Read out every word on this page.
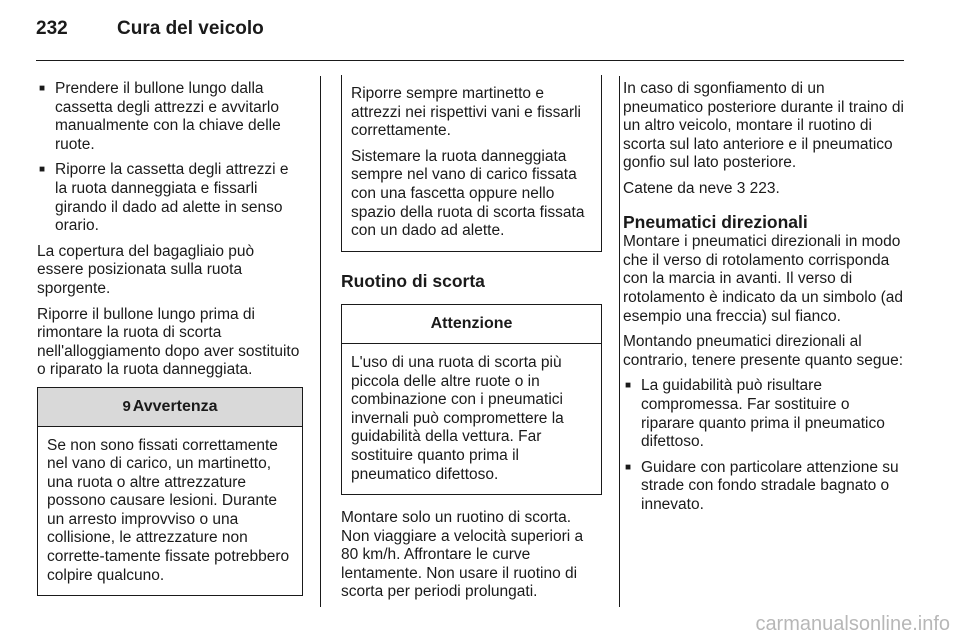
232	Cura del veicolo
■ Prendere il bullone lungo dalla cassetta degli attrezzi e avvitarlo manualmente con la chiave delle ruote.
■ Riporre la cassetta degli attrezzi e la ruota danneggiata e fissarli girando il dado ad alette in senso orario.

La copertura del bagagliaio può essere posizionata sulla ruota sporgente.

Riporre il bullone lungo prima di rimontare la ruota di scorta nell'alloggiamento dopo aver sostituito o riparato la ruota danneggiata.

9 Avvertenza

Se non sono fissati correttamente nel vano di carico, un martinetto, una ruota o altre attrezzature possono causare lesioni. Durante un arresto improvviso o una collisione, le attrezzature non corrette-tamente fissate potrebbero colpire qualcuno.

Riporre sempre martinetto e attrezzi nei rispettivi vani e fissarli correttamente.

Sistemare la ruota danneggiata sempre nel vano di carico fissata con una fascetta oppure nello spazio della ruota di scorta fissata con un dado ad alette.

Ruotino di scorta
Attenzione

L'uso di una ruota di scorta più piccola delle altre ruote o in combinazione con i pneumatici invernali può compromettere la guidabilità della vettura. Far sostituire quanto prima il pneumatico difettoso.

Montare solo un ruotino di scorta. Non viaggiare a velocità superiori a 80 km/h. Affrontare le curve lentamente. Non usare il ruotino di scorta per periodi prolungati.

In caso di sgonfiamento di un pneumatico posteriore durante il traino di un altro veicolo, montare il ruotino di scorta sul lato anteriore e il pneumatico gonfio sul lato posteriore.

Catene da neve 3 223.

Pneumatici direzionali

Montare i pneumatici direzionali in modo che il verso di rotolamento corrisponda con la marcia in avanti. Il verso di rotolamento è indicato da un simbolo (ad esempio una freccia) sul fianco.

Montando pneumatici direzionali al contrario, tenere presente quanto segue:

■ La guidabilità può risultare compromessa. Far sostituire o riparare quanto prima il pneumatico difettoso.
■ Guidare con particolare attenzione su strade con fondo stradale bagnato o innevato.
carmanualsonline.info
